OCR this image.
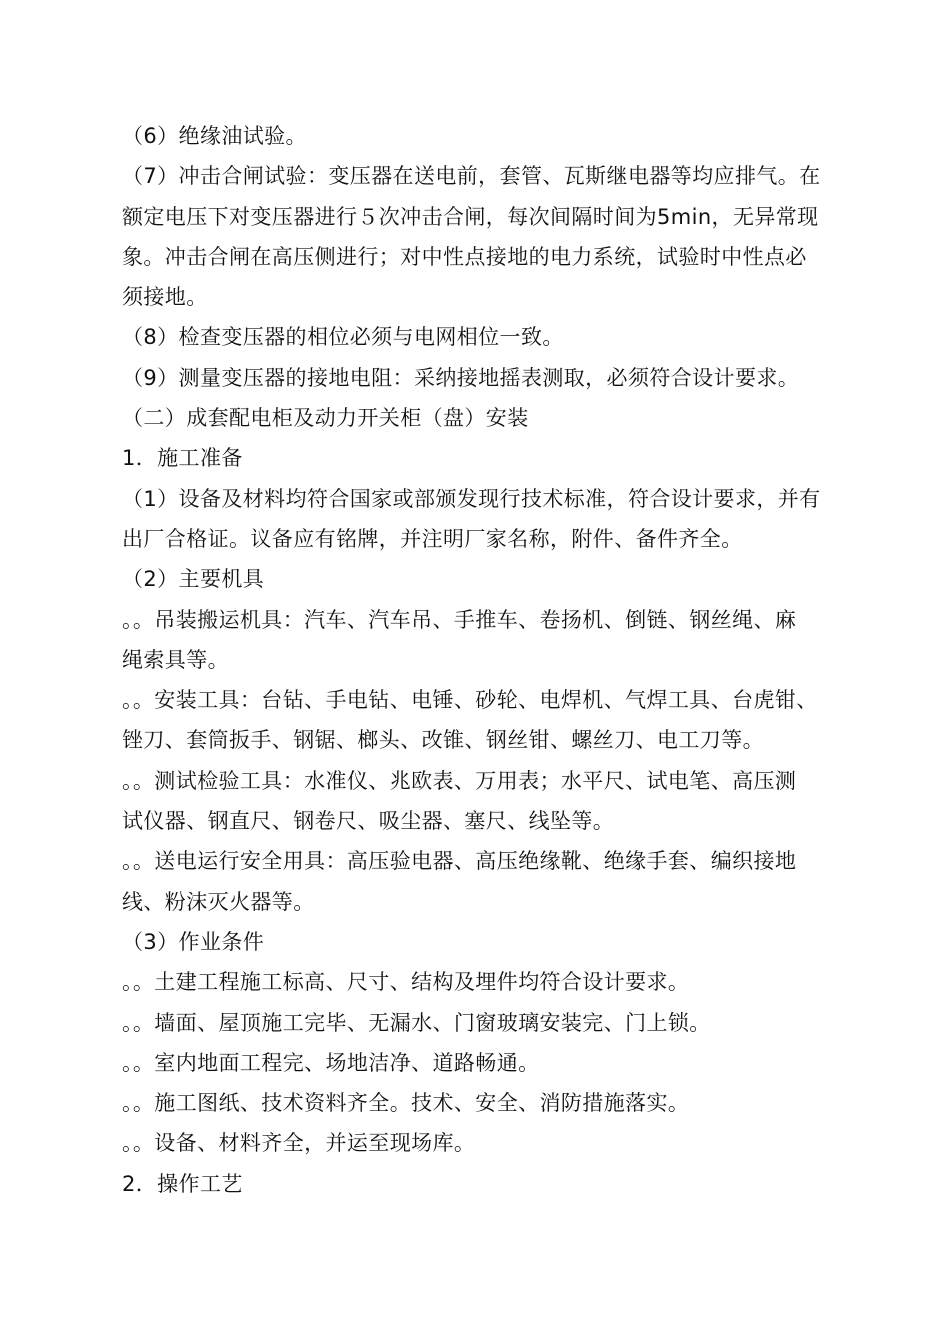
（6）绝缘油试验。
（7）冲击合闸试验：变压器在送电前，套管、瓦斯继电器等均应排气。在
额定电压下对变压器进行５次冲击合闸，每次间隔时间为5min，无异常现
象。冲击合闸在高压侧进行；对中性点接地的电力系统，试验时中性点必
须接地。
（8）检查变压器的相位必须与电网相位一致。
（9）测量变压器的接地电阻：采纳接地摇表测取，必须符合设计要求。
（二）成套配电柜及动力开关柜（盘）安装
1．施工准备
（1）设备及材料均符合国家或部颁发现行技术标准，符合设计要求，并有
出厂合格证。议备应有铭牌，并注明厂家名称，附件、备件齐全。
（2）主要机具
。。吊装搬运机具：汽车、汽车吊、手推车、卷扬机、倒链、钢丝绳、麻
绳索具等。
。。安装工具：台钻、手电钻、电锤、砂轮、电焊机、气焊工具、台虎钳、
锉刀、套筒扳手、钢锯、榔头、改锥、钢丝钳、螺丝刀、电工刀等。
。。测试检验工具：水准仪、兆欧表、万用表；水平尺、试电笔、高压测
试仪器、钢直尺、钢卷尺、吸尘器、塞尺、线坠等。
。。送电运行安全用具：高压验电器、高压绝缘靴、绝缘手套、编织接地
线、粉沫灭火器等。
（3）作业条件
。。土建工程施工标高、尺寸、结构及埋件均符合设计要求。
。。墙面、屋顶施工完毕、无漏水、门窗玻璃安装完、门上锁。
。。室内地面工程完、场地洁净、道路畅通。
。。施工图纸、技术资料齐全。技术、安全、消防措施落实。
。。设备、材料齐全，并运至现场库。
2．操作工艺
